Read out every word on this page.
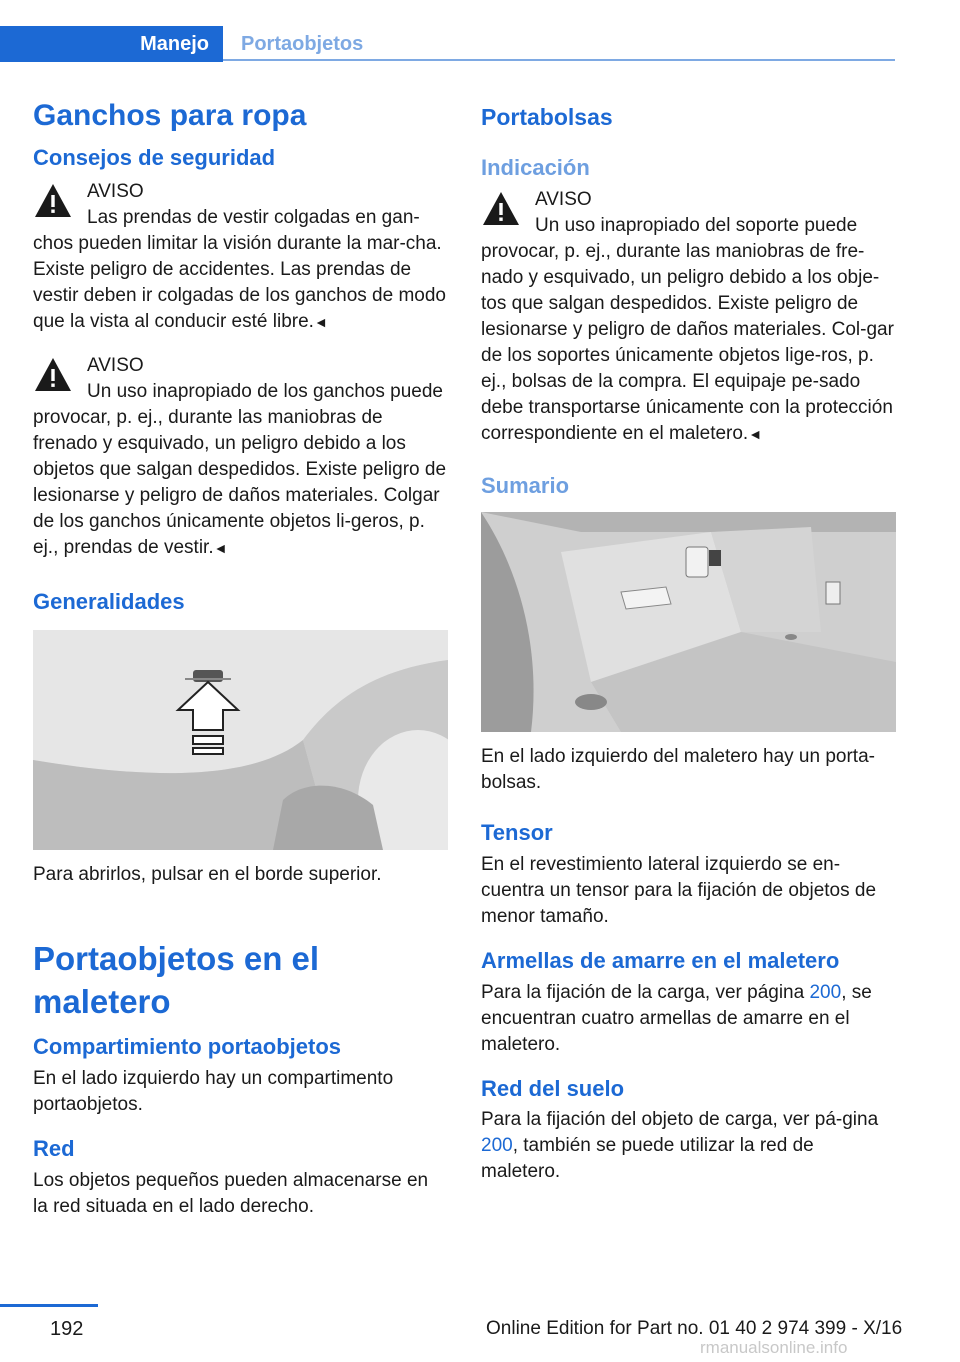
Manejo	Portaobjetos
Ganchos para ropa
Consejos de seguridad
AVISO
Las prendas de vestir colgadas en gan‐chos pueden limitar la visión durante la mar‐cha. Existe peligro de accidentes. Las prendas de vestir deben ir colgadas de los ganchos de modo que la vista al conducir esté libre.◄
AVISO
Un uso inapropiado de los ganchos puede provocar, p. ej., durante las maniobras de frenado y esquivado, un peligro debido a los objetos que salgan despedidos. Existe peligro de lesionarse y peligro de daños materiales. Colgar de los ganchos únicamente objetos li‐geros, p. ej., prendas de vestir.◄
Generalidades

Para abrirlos, pulsar en el borde superior.

Portaobjetos en el maletero
Compartimiento portaobjetos

En el lado izquierdo hay un compartimento portaobjetos.

Red

Los objetos pequeños pueden almacenarse en la red situada en el lado derecho.

Portabolsas
Indicación
AVISO
Un uso inapropiado del soporte puede provocar, p. ej., durante las maniobras de fre‐nado y esquivado, un peligro debido a los obje‐tos que salgan despedidos. Existe peligro de lesionarse y peligro de daños materiales. Col‐gar de los soportes únicamente objetos lige‐ros, p. ej., bolsas de la compra. El equipaje pe‐sado debe transportarse únicamente con la protección correspondiente en el maletero.◄
Sumario

En el lado izquierdo del maletero hay un porta‐bolsas.

Tensor

En el revestimiento lateral izquierdo se en‐cuentra un tensor para la fijación de objetos de menor tamaño.

Armellas de amarre en el maletero

Para la fijación de la carga, ver página 200, se encuentran cuatro armellas de amarre en el maletero.

Red del suelo

Para la fijación del objeto de carga, ver pá‐gina 200, también se puede utilizar la red de maletero.

192	Online Edition for Part no. 01 40 2 974 399 - X/16
rmanualsonline.info
